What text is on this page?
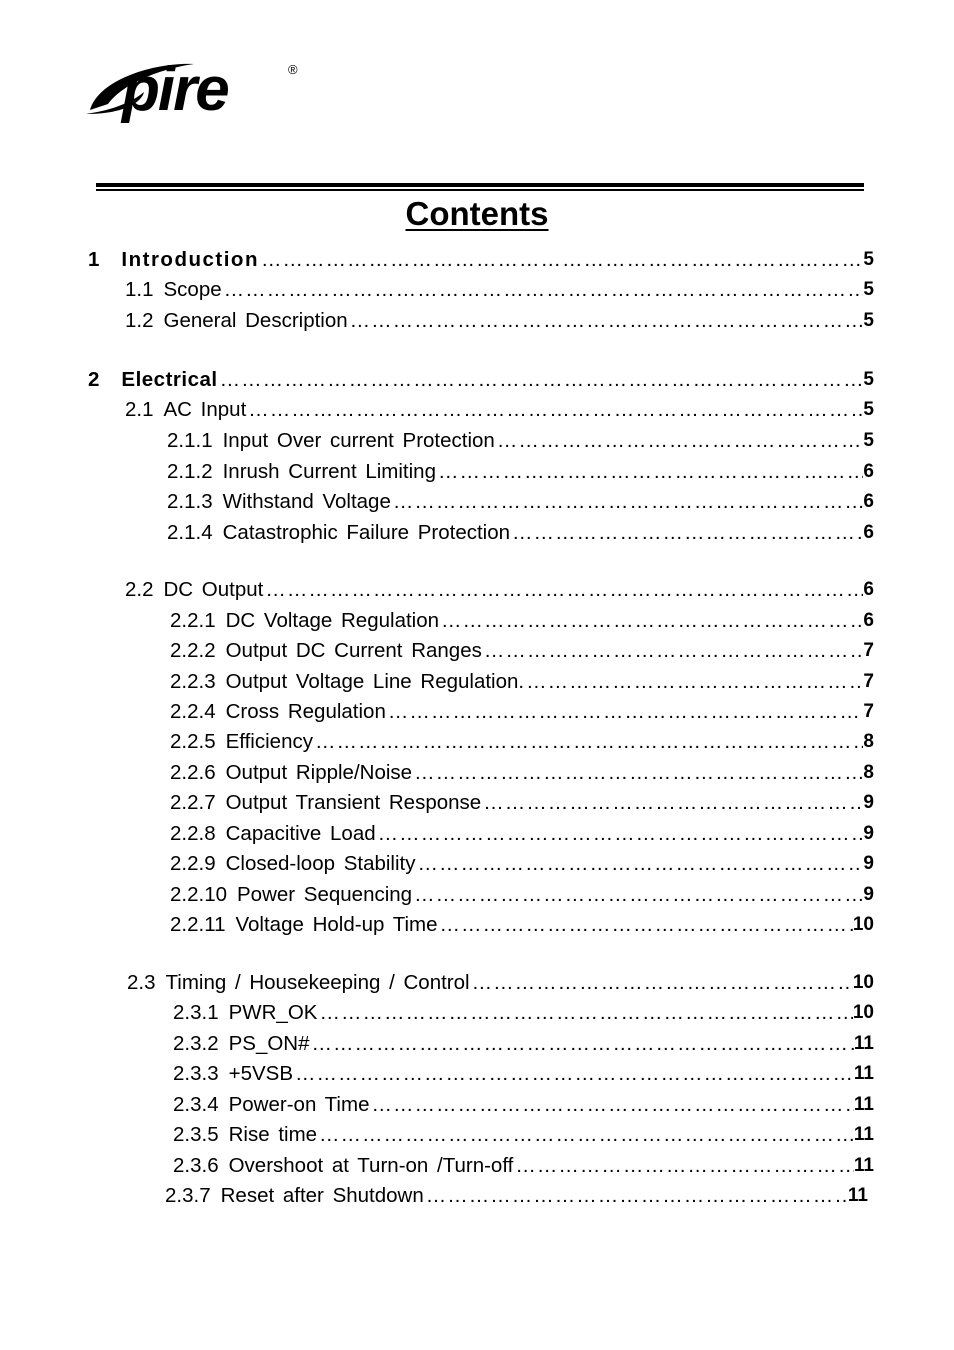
pire	®
Contents
1 Introduction ……………………………………………………………………………………………………………………………………………………………………………………	5
1.1 Scope ……………………………………………………………………………………………………………………………………………………………………………………	5
1.2 General Description ……………………………………………………………………………………………………………………………………………………………………………………	5
2 Electrical ……………………………………………………………………………………………………………………………………………………………………………………	5
2.1 AC Input ……………………………………………………………………………………………………………………………………………………………………………………	5
2.1.1 Input Over current Protection ……………………………………………………………………………………………………………………………………………………………………………………	5
2.1.2 Inrush Current Limiting ……………………………………………………………………………………………………………………………………………………………………………………	6
2.1.3 Withstand Voltage ……………………………………………………………………………………………………………………………………………………………………………………	6
2.1.4 Catastrophic Failure Protection ……………………………………………………………………………………………………………………………………………………………………………………	6
2.2 DC Output ……………………………………………………………………………………………………………………………………………………………………………………	6
2.2.1 DC Voltage Regulation ……………………………………………………………………………………………………………………………………………………………………………………	6
2.2.2 Output DC Current Ranges ……………………………………………………………………………………………………………………………………………………………………………………	7
2.2.3 Output Voltage Line Regulation. ……………………………………………………………………………………………………………………………………………………………………………………	7
2.2.4 Cross Regulation ……………………………………………………………………………………………………………………………………………………………………………………	7
2.2.5 Efficiency ……………………………………………………………………………………………………………………………………………………………………………………	8
2.2.6 Output Ripple/Noise ……………………………………………………………………………………………………………………………………………………………………………………	8
2.2.7 Output Transient Response ……………………………………………………………………………………………………………………………………………………………………………………	9
2.2.8 Capacitive Load ……………………………………………………………………………………………………………………………………………………………………………………	9
2.2.9 Closed-loop Stability ……………………………………………………………………………………………………………………………………………………………………………………	9
2.2.10 Power Sequencing ……………………………………………………………………………………………………………………………………………………………………………………	9
2.2.11 Voltage Hold-up Time ……………………………………………………………………………………………………………………………………………………………………………………	10
2.3 Timing / Housekeeping / Control ……………………………………………………………………………………………………………………………………………………………………………………	10
2.3.1 PWR_OK ……………………………………………………………………………………………………………………………………………………………………………………	10
2.3.2 PS_ON# ……………………………………………………………………………………………………………………………………………………………………………………	11
2.3.3 +5VSB ……………………………………………………………………………………………………………………………………………………………………………………	11
2.3.4 Power-on Time ……………………………………………………………………………………………………………………………………………………………………………………	11
2.3.5 Rise time ……………………………………………………………………………………………………………………………………………………………………………………	11
2.3.6 Overshoot at Turn-on /Turn-off ……………………………………………………………………………………………………………………………………………………………………………………	11
2.3.7 Reset after Shutdown ……………………………………………………………………………………………………………………………………………………………………………………	11
